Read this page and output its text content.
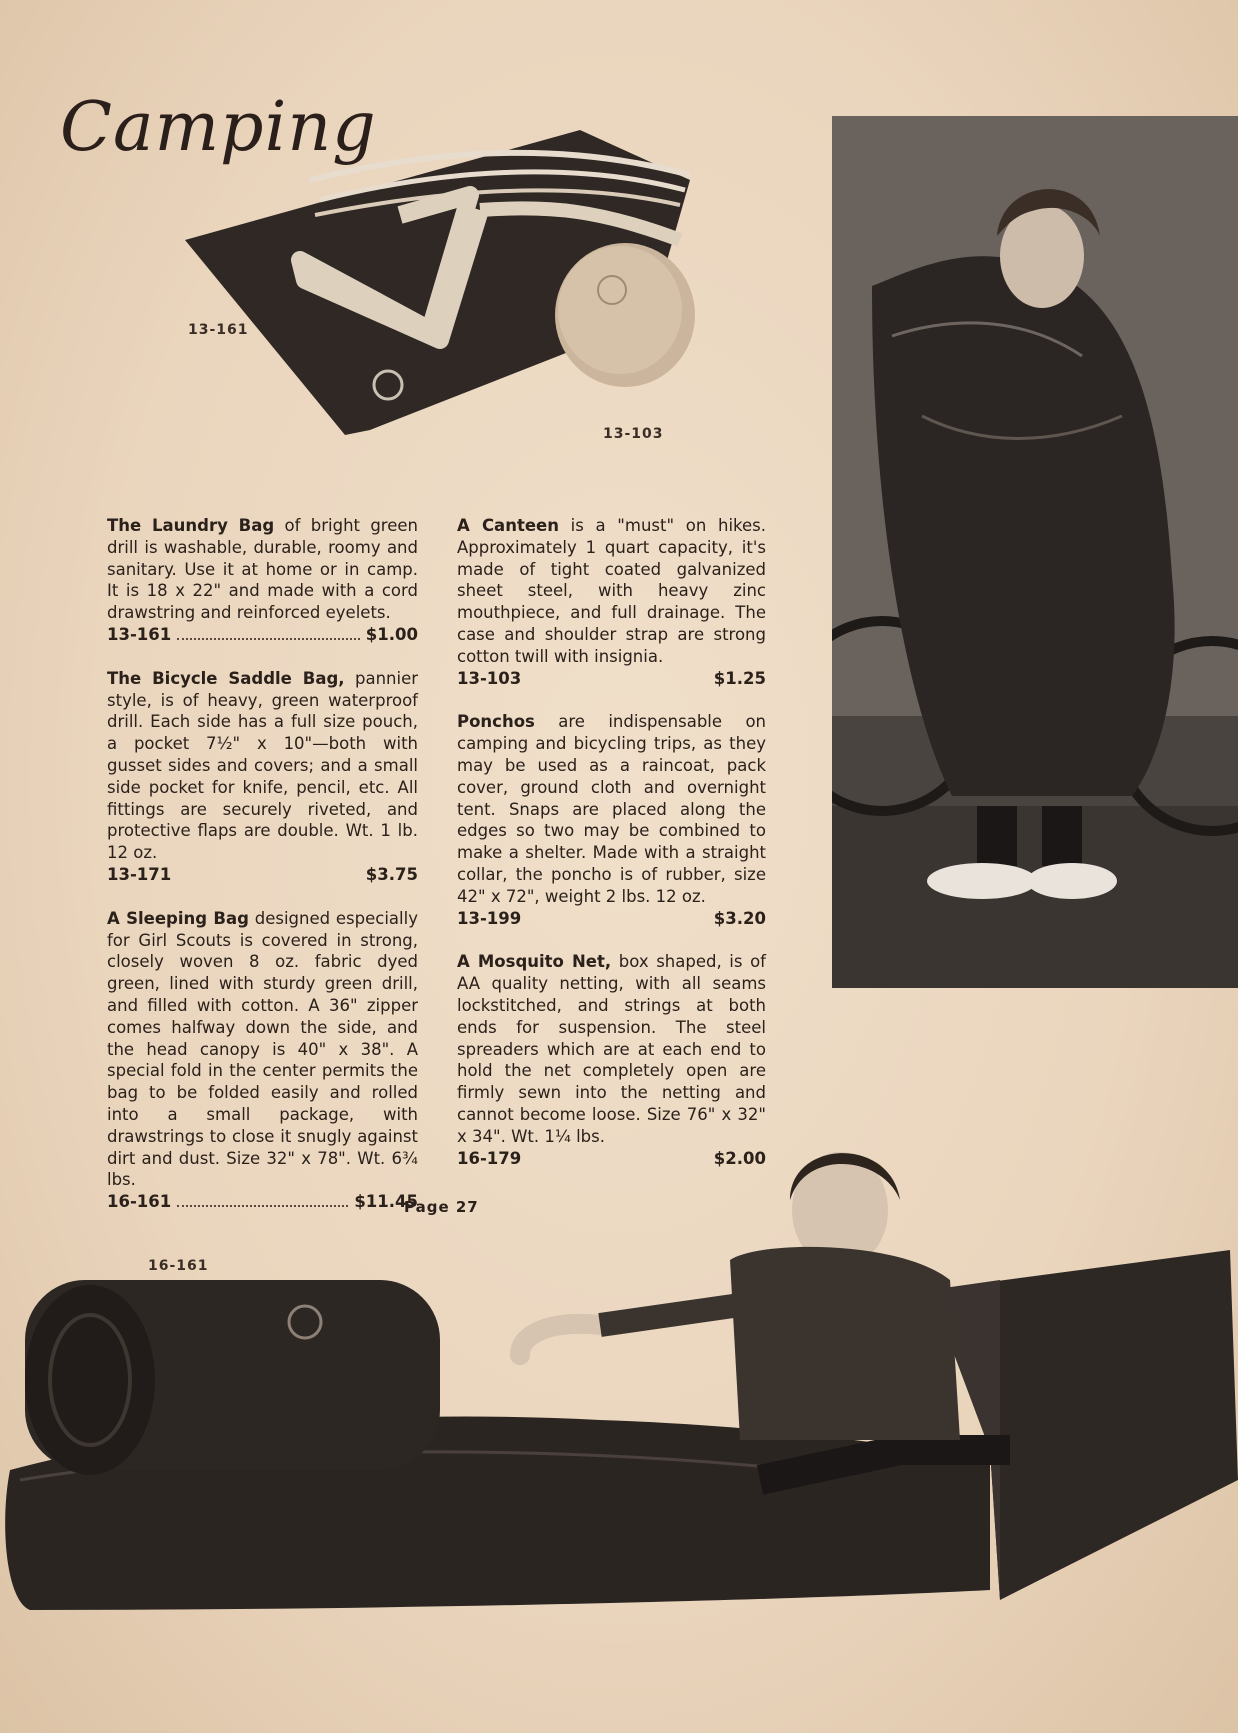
Camping
13-161
13-103
The Laundry Bag of bright green drill is washable, durable, roomy and sanitary. Use it at home or in camp. It is 18 x 22" and made with a cord drawstring and reinforced eyelets.
13-161	$1.00
The Bicycle Saddle Bag, pannier style, is of heavy, green waterproof drill. Each side has a full size pouch, a pocket 7½" x 10"—both with gusset sides and covers; and a small side pocket for knife, pencil, etc. All fittings are securely riveted, and protective flaps are double. Wt. 1 lb. 12 oz.
13-171	$3.75
A Sleeping Bag designed especially for Girl Scouts is covered in strong, closely woven 8 oz. fabric dyed green, lined with sturdy green drill, and filled with cotton. A 36" zipper comes halfway down the side, and the head canopy is 40" x 38". A special fold in the center permits the bag to be folded easily and rolled into a small package, with drawstrings to close it snugly against dirt and dust. Size 32" x 78". Wt. 6¾ lbs.
16-161	$11.45
A Canteen is a "must" on hikes. Approximately 1 quart capacity, it's made of tight coated galvanized sheet steel, with heavy zinc mouthpiece, and full drainage. The case and shoulder strap are strong cotton twill with insignia.
13-103	$1.25
Ponchos are indispensable on camping and bicycling trips, as they may be used as a raincoat, pack cover, ground cloth and overnight tent. Snaps are placed along the edges so two may be combined to make a shelter. Made with a straight collar, the poncho is of rubber, size 42" x 72", weight 2 lbs. 12 oz.
13-199	$3.20
A Mosquito Net, box shaped, is of AA quality netting, with all seams lockstitched, and strings at both ends for suspension. The steel spreaders which are at each end to hold the net completely open are firmly sewn into the netting and cannot become loose. Size 76" x 32" x 34". Wt. 1¼ lbs.
16-179	$2.00
Page 27
16-161
